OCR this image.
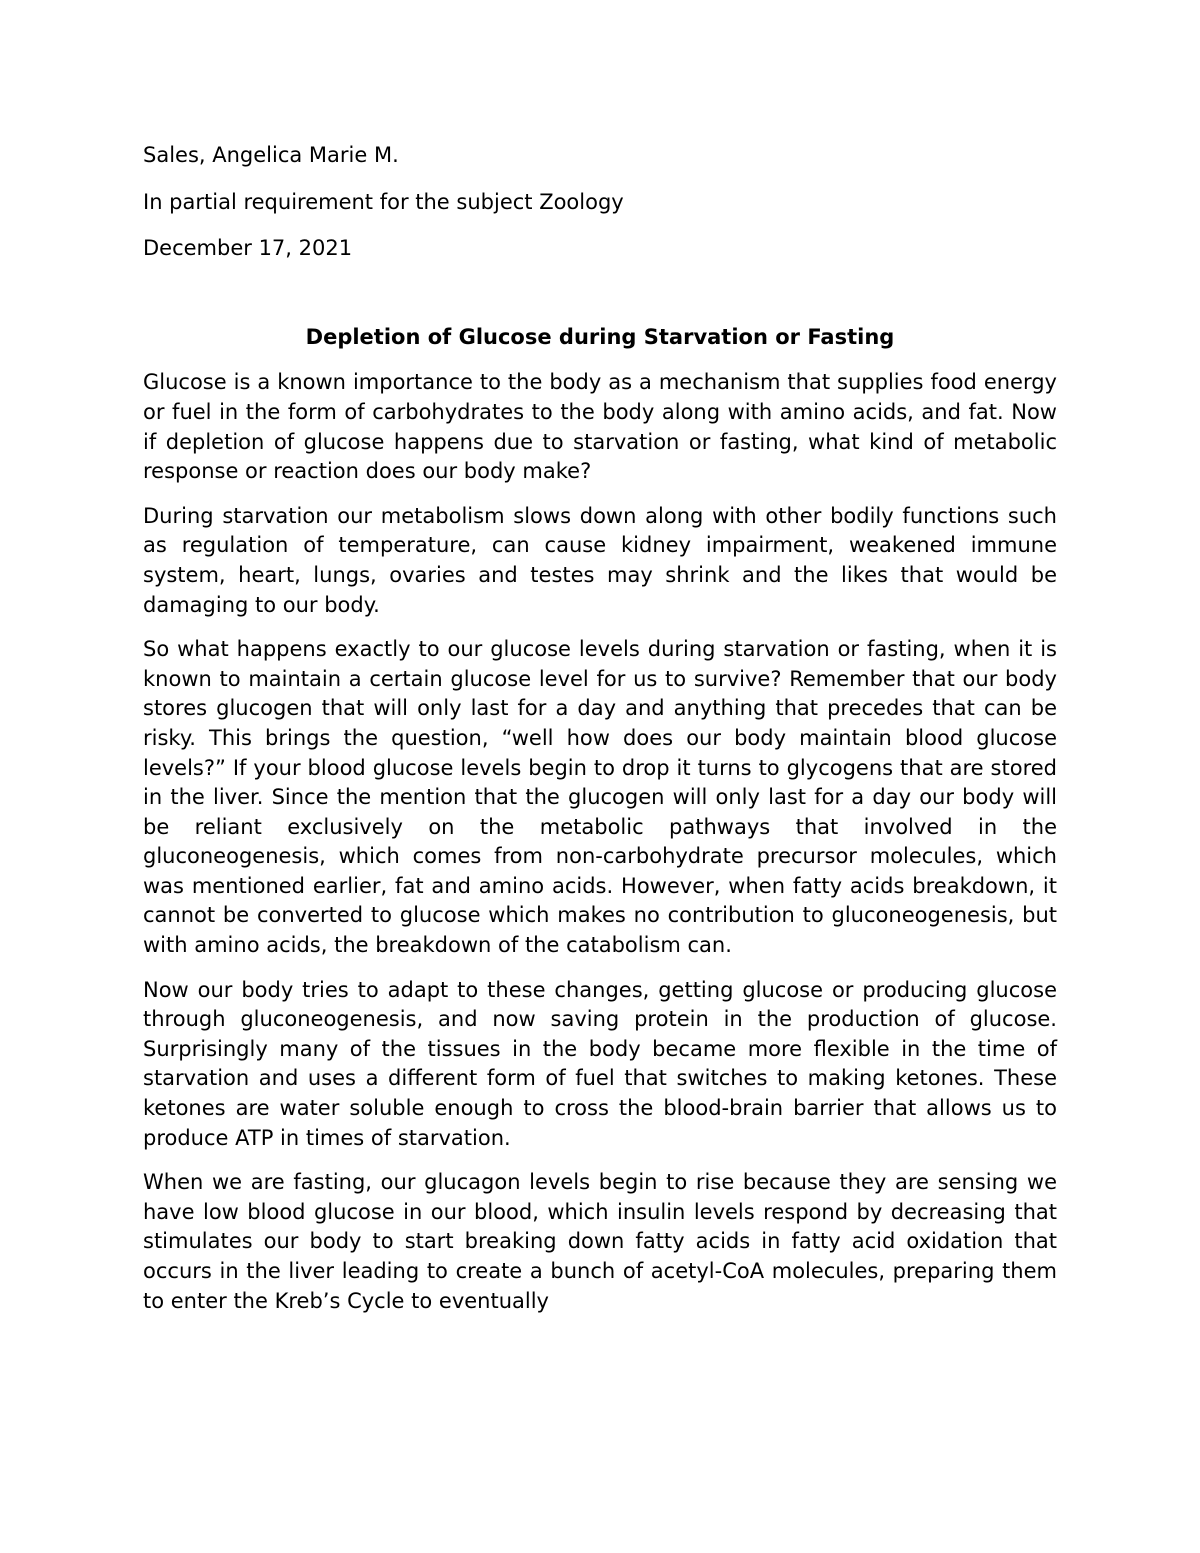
Sales, Angelica Marie M.

In partial requirement for the subject Zoology

December 17, 2021

Depletion of Glucose during Starvation or Fasting

Glucose is a known importance to the body as a mechanism that supplies food energy or fuel in the form of carbohydrates to the body along with amino acids, and fat. Now if depletion of glucose happens due to starvation or fasting, what kind of metabolic response or reaction does our body make?

During starvation our metabolism slows down along with other bodily functions such as regulation of temperature, can cause kidney impairment, weakened immune system, heart, lungs, ovaries and testes may shrink and the likes that would be damaging to our body.

So what happens exactly to our glucose levels during starvation or fasting, when it is known to maintain a certain glucose level for us to survive? Remember that our body stores glucogen that will only last for a day and anything that precedes that can be risky. This brings the question, “well how does our body maintain blood glucose levels?” If your blood glucose levels begin to drop it turns to glycogens that are stored in the liver. Since the mention that the glucogen will only last for a day our body will be reliant exclusively on the metabolic pathways that involved in the gluconeogenesis, which comes from non-carbohydrate precursor molecules, which was mentioned earlier, fat and amino acids. However, when fatty acids breakdown, it cannot be converted to glucose which makes no contribution to gluconeogenesis, but with amino acids, the breakdown of the catabolism can.

Now our body tries to adapt to these changes, getting glucose or producing glucose through gluconeogenesis, and now saving protein in the production of glucose. Surprisingly many of the tissues in the body became more flexible in the time of starvation and uses a different form of fuel that switches to making ketones. These ketones are water soluble enough to cross the blood-brain barrier that allows us to produce ATP in times of starvation.

When we are fasting, our glucagon levels begin to rise because they are sensing we have low blood glucose in our blood, which insulin levels respond by decreasing that stimulates our body to start breaking down fatty acids in fatty acid oxidation that occurs in the liver leading to create a bunch of acetyl-CoA molecules, preparing them to enter the Kreb’s Cycle to eventually
